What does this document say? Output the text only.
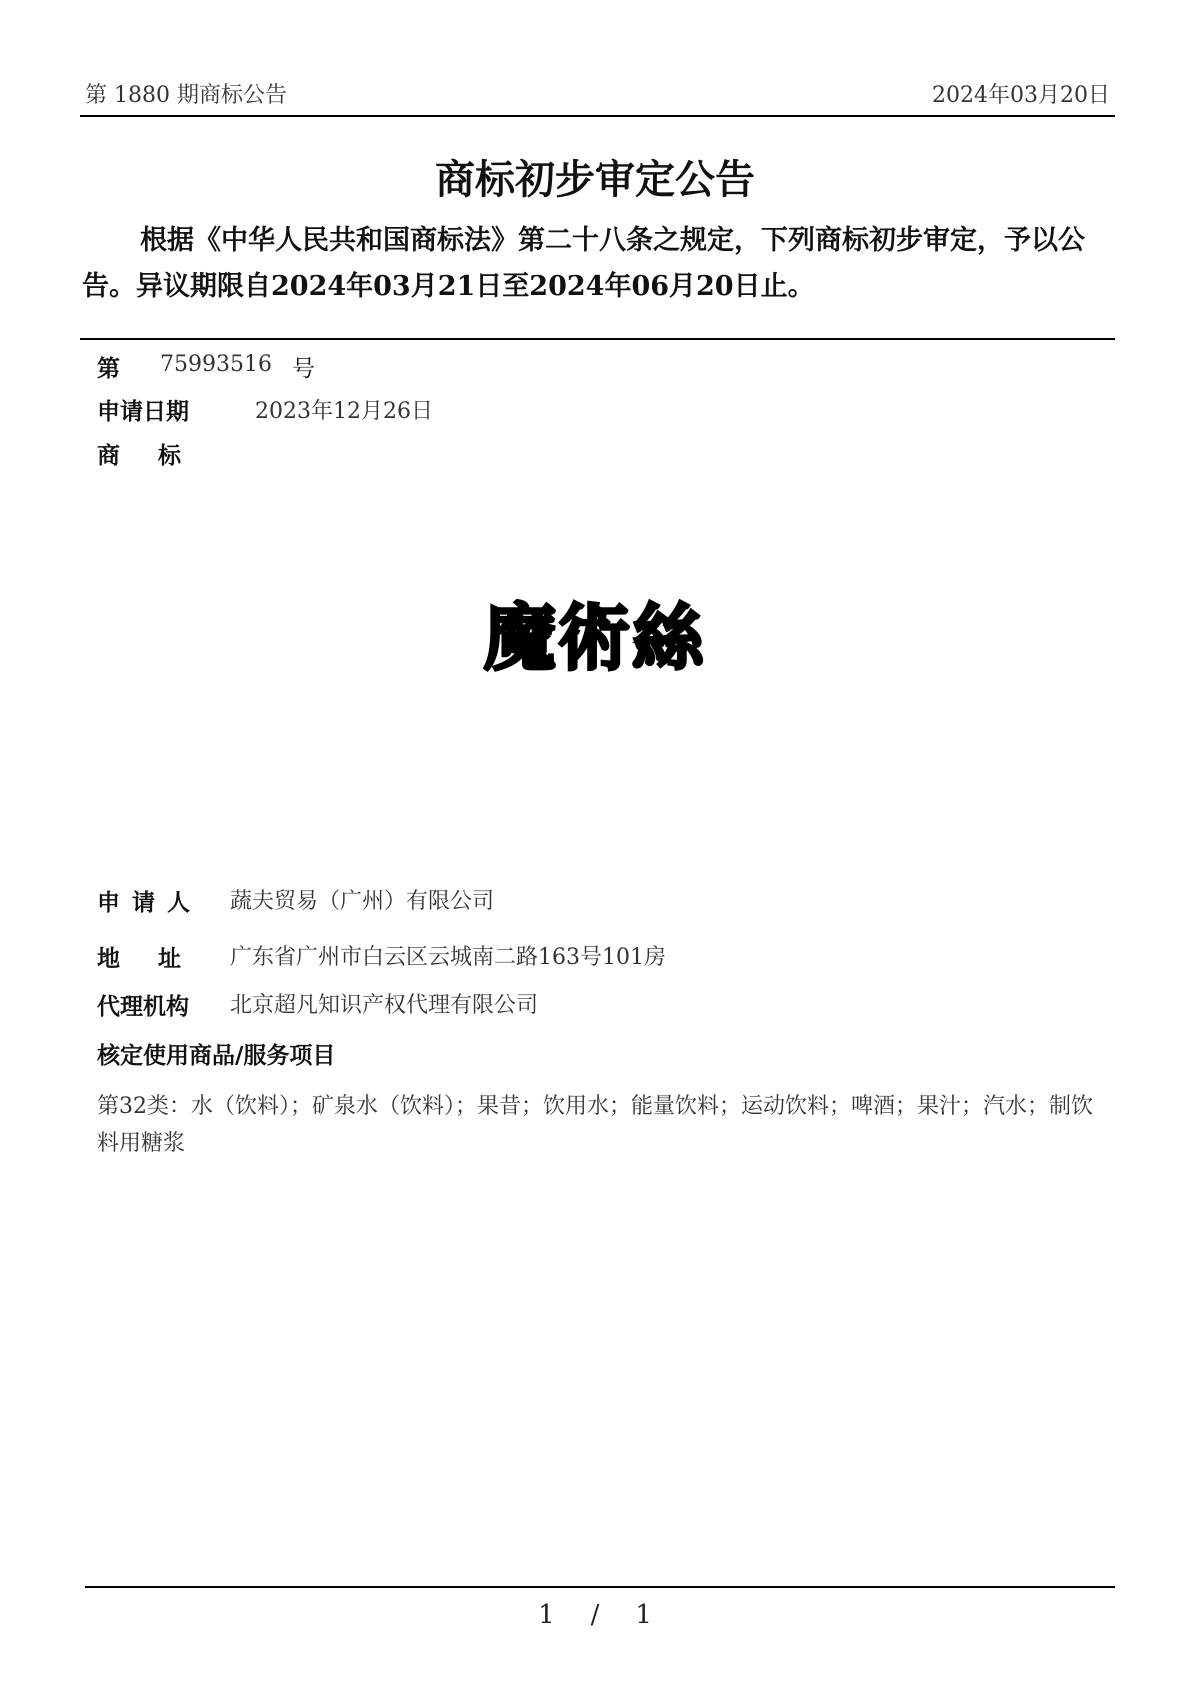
第 1880 期商标公告	2024年03月20日
商标初步审定公告

根据《中华人民共和国商标法》第二十八条之规定，下列商标初步审定，予以公告。异议期限自2024年03月21日至2024年06月20日止。

第 75993516 号
申请日期	2023年12月26日
商标
魔術絲
申请人 蔬夫贸易（广州）有限公司
地址 广东省广州市白云区云城南二路163号101房
代理机构 北京超凡知识产权代理有限公司
核定使用商品/服务项目

第32类：水（饮料）；矿泉水（饮料）；果昔；饮用水；能量饮料；运动饮料；啤酒；果汁；汽水；制饮料用糖浆

1 / 1
